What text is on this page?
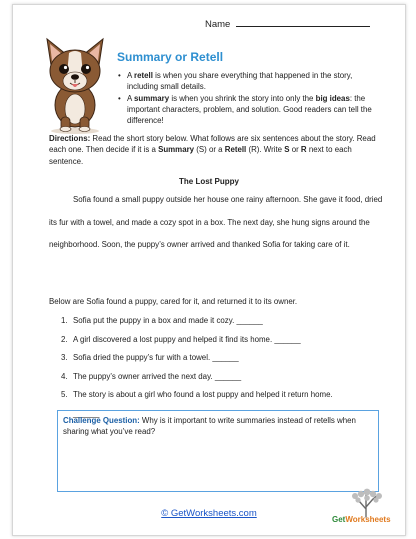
Name
Summary or Retell
• A retell is when you share everything that happened in the story, including small details.
• A summary is when you shrink the story into only the big ideas: the important characters, problem, and solution. Good readers can tell the difference!
Directions: Read the short story below. What follows are six sentences about the story. Read each one. Then decide if it is a Summary (S) or a Retell (R). Write S or R next to each sentence.
The Lost Puppy

Sofia found a small puppy outside her house one rainy afternoon. She gave it food, dried its fur with a towel, and made a cozy spot in a box. The next day, she hung signs around the neighborhood. Soon, the puppy’s owner arrived and thanked Sofia for taking care of it.

Below are Sofia found a puppy, cared for it, and returned it to its owner.
1. Sofia put the puppy in a box and made it cozy. ______
2. A girl discovered a lost puppy and helped it find its home. ______
3. Sofia dried the puppy’s fur with a towel. ______
4. The puppy’s owner arrived the next day. ______
5. The story is about a girl who found a lost puppy and helped it return home.
______
Challenge Question: Why is it important to write summaries instead of retells when sharing what you’ve read?
© GetWorksheets.com
GetWorksheets
